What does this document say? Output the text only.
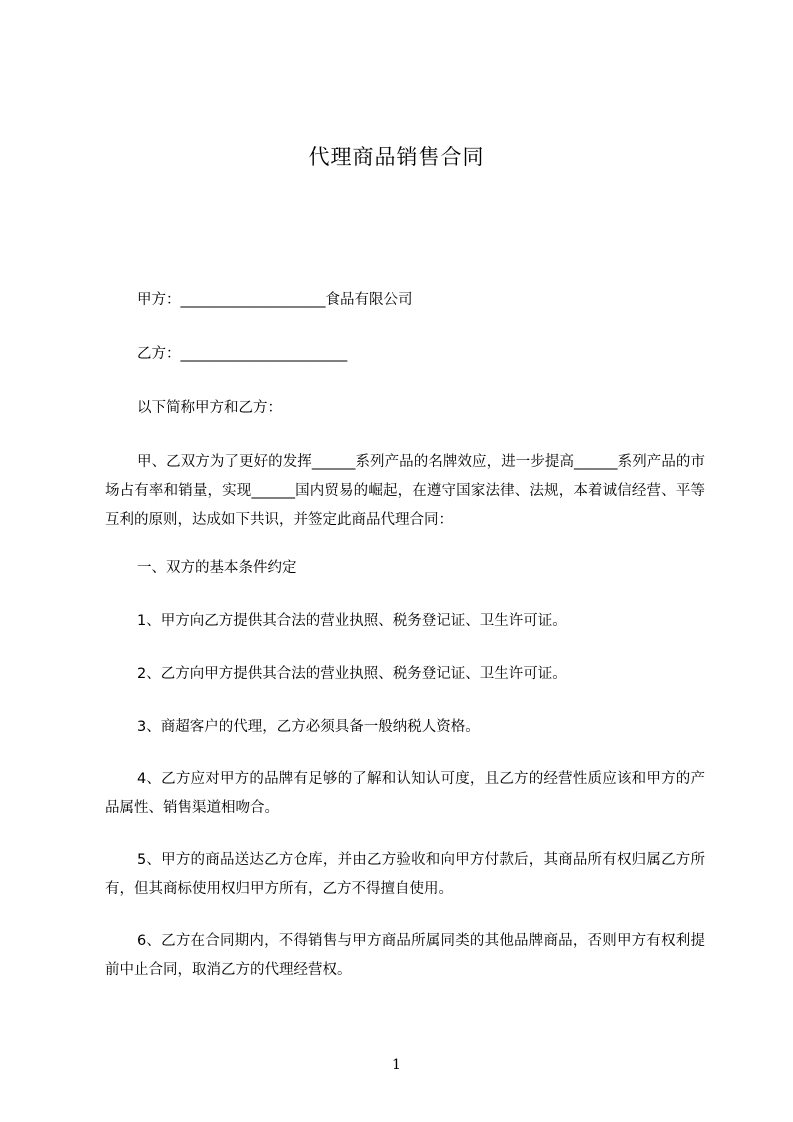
代理商品销售合同

甲方：____________________食品有限公司

乙方：_______________________

以下简称甲方和乙方：

甲、乙双方为了更好的发挥______系列产品的名牌效应，进一步提高______系列产品的市场占有率和销量，实现______国内贸易的崛起，在遵守国家法律、法规，本着诚信经营、平等互利的原则，达成如下共识，并签定此商品代理合同：

一、双方的基本条件约定

1、甲方向乙方提供其合法的营业执照、税务登记证、卫生许可证。

2、乙方向甲方提供其合法的营业执照、税务登记证、卫生许可证。

3、商超客户的代理，乙方必须具备一般纳税人资格。

4、乙方应对甲方的品牌有足够的了解和认知认可度，且乙方的经营性质应该和甲方的产品属性、销售渠道相吻合。

5、甲方的商品送达乙方仓库，并由乙方验收和向甲方付款后，其商品所有权归属乙方所有，但其商标使用权归甲方所有，乙方不得擅自使用。

6、乙方在合同期内，不得销售与甲方商品所属同类的其他品牌商品，否则甲方有权利提前中止合同，取消乙方的代理经营权。

1
